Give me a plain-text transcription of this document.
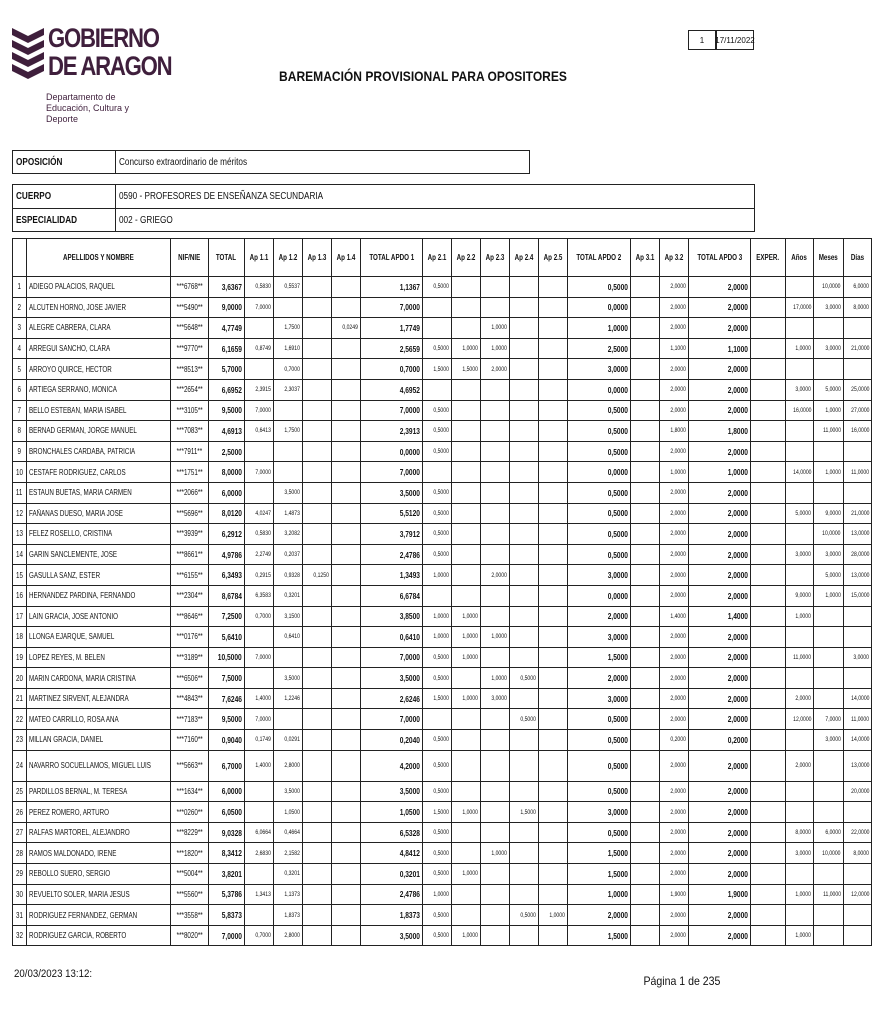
GOBIERNO
DE ARAGON
Departamento de Educación, Cultura y Deporte
1	17/11/2022
BAREMACIÓN PROVISIONAL PARA OPOSITORES
OPOSICIÓN	Concurso extraordinario de méritos
CUERPO	0590 - PROFESORES DE ENSEÑANZA SECUNDARIA
ESPECIALIDAD	002 - GRIEGO
	APELLIDOS Y NOMBRE	NIF/NIE	TOTAL	Ap 1.1	Ap 1.2	Ap 1.3	Ap 1.4	TOTAL APDO 1	Ap 2.1	Ap 2.2	Ap 2.3	Ap 2.4	Ap 2.5	TOTAL APDO 2	Ap 3.1	Ap 3.2	TOTAL APDO 3	EXPER.	Años	Meses	Días
1	ADIEGO PALACIOS, RAQUEL	***6768**	3,6367	0,5830	0,5537			1,1367	0,5000					0,5000		2,0000	2,0000			10,0000	6,0000
2	ALCUTEN HORNO, JOSE JAVIER	***5490**	9,0000	7,0000				7,0000						0,0000		2,0000	2,0000		17,0000	3,0000	8,0000
3	ALEGRE CABRERA, CLARA	***5648**	4,7749		1,7500		0,0249	1,7749			1,0000			1,0000		2,0000	2,0000				
4	ARREGUI SANCHO, CLARA	***9770**	6,1659	0,8749	1,6910			2,5659	0,5000	1,0000	1,0000			2,5000		1,1000	1,1000		1,0000	3,0000	21,0000
5	ARROYO QUIRCE, HECTOR	***8513**	5,7000		0,7000			0,7000	1,5000	1,5000	2,0000			3,0000		2,0000	2,0000				
6	ARTIEGA SERRANO, MONICA	***2654**	6,6952	2,3915	2,3037			4,6952						0,0000		2,0000	2,0000		3,0000	5,0000	25,0000
7	BELLO ESTEBAN, MARIA ISABEL	***3105**	9,5000	7,0000				7,0000	0,5000					0,5000		2,0000	2,0000		16,0000	1,0000	27,0000
8	BERNAD GERMAN, JORGE MANUEL	***7083**	4,6913	0,6413	1,7500			2,3913	0,5000					0,5000		1,8000	1,8000			11,0000	16,0000
9	BRONCHALES CARDABA, PATRICIA	***7911**	2,5000					0,0000	0,5000					0,5000		2,0000	2,0000				
10	CESTAFE RODRIGUEZ, CARLOS	***1751**	8,0000	7,0000				7,0000						0,0000		1,0000	1,0000		14,0000	1,0000	11,0000
11	ESTAUN BUETAS, MARIA CARMEN	***2066**	6,0000		3,5000			3,5000	0,5000					0,5000		2,0000	2,0000				
12	FAÑANAS DUESO, MARIA JOSE	***5696**	8,0120	4,0247	1,4873			5,5120	0,5000					0,5000		2,0000	2,0000		5,0000	9,0000	21,0000
13	FELEZ ROSELLO, CRISTINA	***3939**	6,2912	0,5830	3,2082			3,7912	0,5000					0,5000		2,0000	2,0000			10,0000	13,0000
14	GARIN SANCLEMENTE, JOSE	***8661**	4,9786	2,2749	0,2037			2,4786	0,5000					0,5000		2,0000	2,0000		3,0000	3,0000	28,0000
15	GASULLA SANZ, ESTER	***6155**	6,3493	0,2915	0,9328	0,1250		1,3493	1,0000		2,0000			3,0000		2,0000	2,0000			5,0000	13,0000
16	HERNANDEZ PARDINA, FERNANDO	***2304**	8,6784	6,3583	0,3201			6,6784						0,0000		2,0000	2,0000		9,0000	1,0000	15,0000
17	LAIN GRACIA, JOSE ANTONIO	***8646**	7,2500	0,7000	3,1500			3,8500	1,0000	1,0000				2,0000		1,4000	1,4000		1,0000		
18	LLONGA EJARQUE, SAMUEL	***0176**	5,6410		0,6410			0,6410	1,0000	1,0000	1,0000			3,0000		2,0000	2,0000				
19	LOPEZ REYES, M. BELEN	***3189**	10,5000	7,0000				7,0000	0,5000	1,0000				1,5000		2,0000	2,0000		11,0000		3,0000
20	MARIN CARDONA, MARIA CRISTINA	***6506**	7,5000		3,5000			3,5000	0,5000		1,0000	0,5000		2,0000		2,0000	2,0000				
21	MARTINEZ SIRVENT, ALEJANDRA	***4843**	7,6246	1,4000	1,2246			2,6246	1,5000	1,0000	3,0000			3,0000		2,0000	2,0000		2,0000		14,0000
22	MATEO CARRILLO, ROSA ANA	***7183**	9,5000	7,0000				7,0000				0,5000		0,5000		2,0000	2,0000		12,0000	7,0000	11,0000
23	MILLAN GRACIA, DANIEL	***7160**	0,9040	0,1749	0,0291			0,2040	0,5000					0,5000		0,2000	0,2000			3,0000	14,0000
24	NAVARRO SOCUELLAMOS, MIGUEL LUIS	***5663**	6,7000	1,4000	2,8000			4,2000	0,5000					0,5000		2,0000	2,0000		2,0000		13,0000
25	PARDILLOS BERNAL, M. TERESA	***1634**	6,0000		3,5000			3,5000	0,5000					0,5000		2,0000	2,0000				20,0000
26	PEREZ ROMERO, ARTURO	***0260**	6,0500		1,0500			1,0500	1,5000	1,0000		1,5000		3,0000		2,0000	2,0000				
27	RALFAS MARTOREL, ALEJANDRO	***8229**	9,0328	6,0664	0,4664			6,5328	0,5000					0,5000		2,0000	2,0000		8,0000	6,0000	22,0000
28	RAMOS MALDONADO, IRENE	***1820**	8,3412	2,6830	2,1582			4,8412	0,5000		1,0000			1,5000		2,0000	2,0000		3,0000	10,0000	8,0000
29	REBOLLO SUERO, SERGIO	***5004**	3,8201		0,3201			0,3201	0,5000	1,0000				1,5000		2,0000	2,0000				
30	REVUELTO SOLER, MARIA JESUS	***5560**	5,3786	1,3413	1,1373			2,4786	1,0000					1,0000		1,9000	1,9000		1,0000	11,0000	12,0000
31	RODRIGUEZ FERNANDEZ, GERMAN	***3558**	5,8373		1,8373			1,8373	0,5000			0,5000	1,0000	2,0000		2,0000	2,0000				
32	RODRIGUEZ GARCIA, ROBERTO	***8020**	7,0000	0,7000	2,8000			3,5000	0,5000	1,0000				1,5000		2,0000	2,0000		1,0000		
20/03/2023 13:12:	Página 1 de 235
